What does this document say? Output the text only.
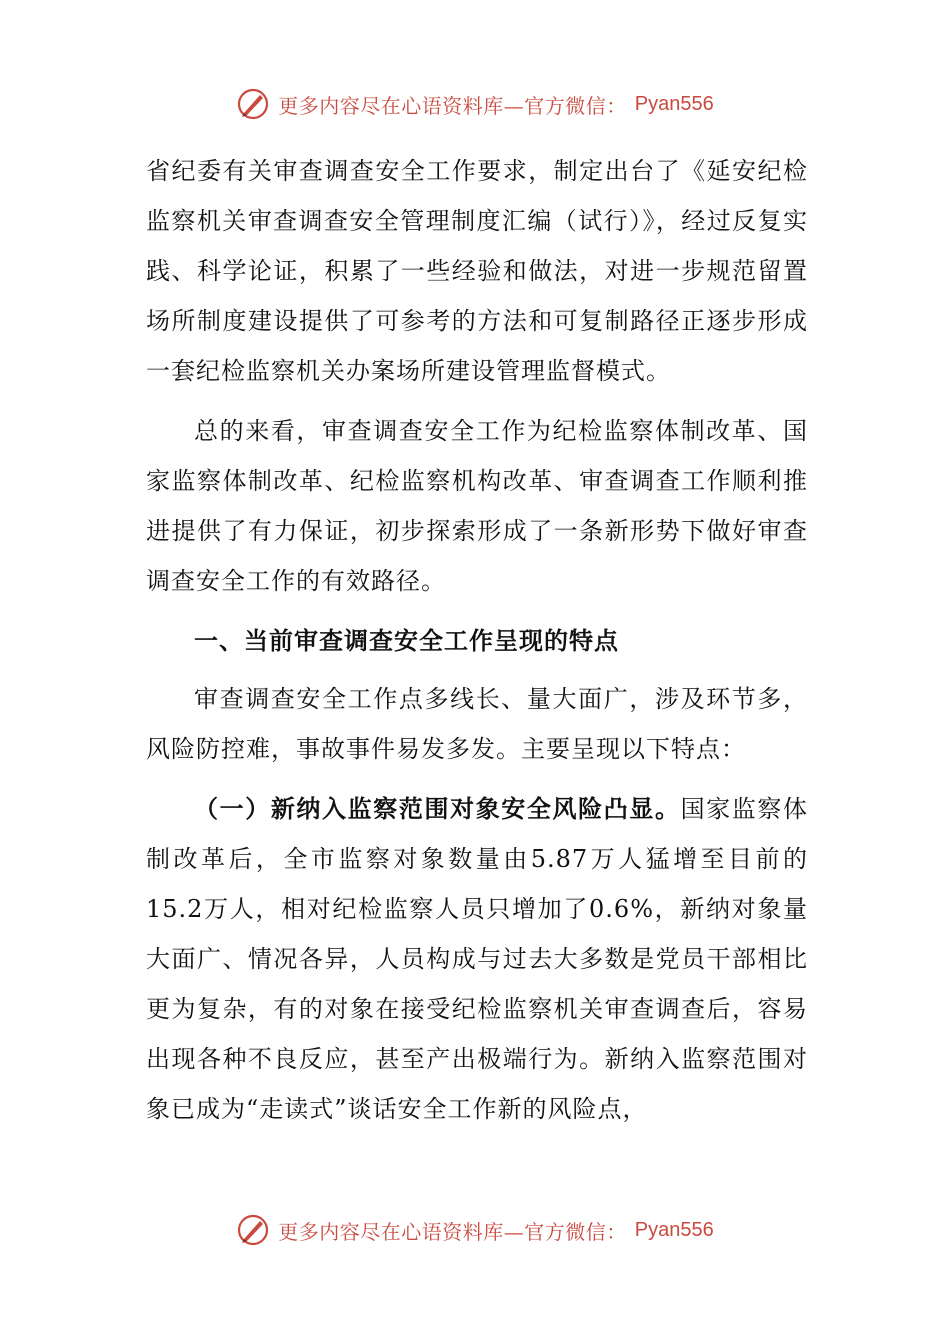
更多内容尽在心语资料库—官方微信： Pyan556

省纪委有关审查调查安全工作要求，制定出台了《延安纪检监察机关审查调查安全管理制度汇编（试行）》，经过反复实践、科学论证，积累了一些经验和做法，对进一步规范留置场所制度建设提供了可参考的方法和可复制路径正逐步形成一套纪检监察机关办案场所建设管理监督模式。

总的来看，审查调查安全工作为纪检监察体制改革、国家监察体制改革、纪检监察机构改革、审查调查工作顺利推进提供了有力保证，初步探索形成了一条新形势下做好审查调查安全工作的有效路径。

一、当前审查调查安全工作呈现的特点

审查调查安全工作点多线长、量大面广，涉及环节多，风险防控难，事故事件易发多发。主要呈现以下特点：

（一）新纳入监察范围对象安全风险凸显。国家监察体制改革后，全市监察对象数量由5.87万人猛增至目前的15.2万人，相对纪检监察人员只增加了0.6%，新纳对象量大面广、情况各异，人员构成与过去大多数是党员干部相比更为复杂，有的对象在接受纪检监察机关审查调查后，容易出现各种不良反应，甚至产出极端行为。新纳入监察范围对象已成为“走读式”谈话安全工作新的风险点，

更多内容尽在心语资料库—官方微信： Pyan556
